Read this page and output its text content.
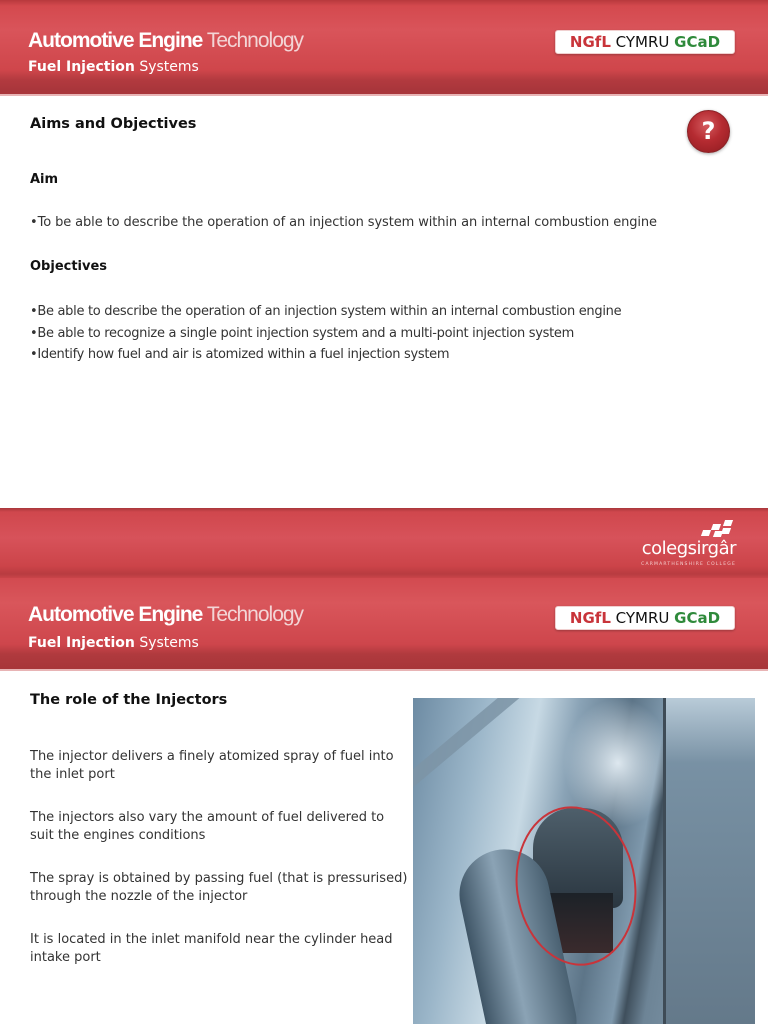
Automotive Engine Technology
Fuel Injection Systems
NGfL CYMRU GCaD
?
Aims and Objectives
Aim

•To be able to describe the operation of an injection system within an internal combustion engine

Objectives
•Be able to describe the operation of an injection system within an internal combustion engine
•Be able to recognize a single point injection system and a multi-point injection system
•Identify how fuel and air is atomized within a fuel injection system
colegsirgâr
CARMARTHENSHIRE COLLEGE
Automotive Engine Technology
Fuel Injection Systems
NGfL CYMRU GCaD
The role of the Injectors

The injector delivers a finely atomized spray of fuel into the inlet port

The injectors also vary the amount of fuel delivered to suit the engines conditions

The spray is obtained by passing fuel (that is pressurised) through the nozzle of the injector

It is located in the inlet manifold near the cylinder head intake port
